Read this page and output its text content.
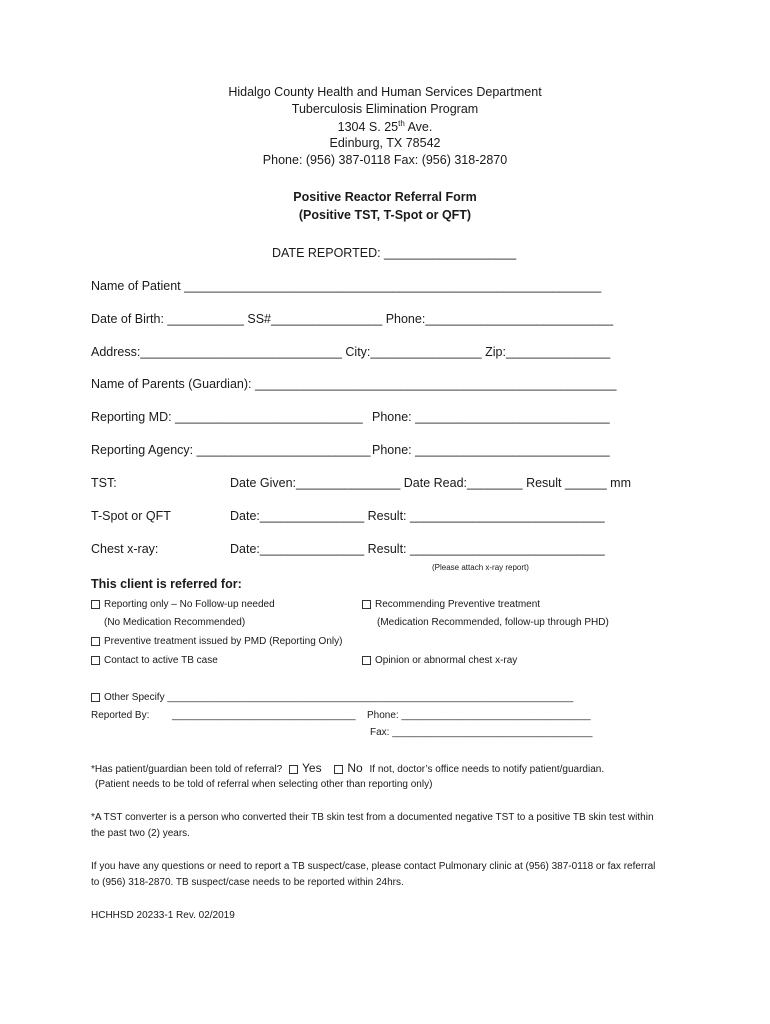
Hidalgo County Health and Human Services Department
Tuberculosis Elimination Program
1304 S. 25th Ave.
Edinburg, TX 78542
Phone: (956) 387-0118 Fax: (956) 318-2870
Positive Reactor Referral Form
(Positive TST, T-Spot or QFT)
DATE REPORTED: ___________________
Name of Patient ____________________________________________________________
Date of Birth: ___________ SS#________________ Phone:___________________________
Address:_____________________________ City:________________ Zip:_______________
Name of Parents (Guardian): ____________________________________________________
Reporting MD: ___________________________ Phone: ____________________________
Reporting Agency: _________________________ Phone: ____________________________
TST:	Date Given:_______________ Date Read:________ Result ______ mm
T-Spot or QFT	Date:_______________ Result: ____________________________
Chest x-ray:	Date:_______________ Result: ____________________________
(Please attach x-ray report)
This client is referred for:
Reporting only – No Follow-up needed
(No Medication Recommended)
Recommending Preventive treatment
(Medication Recommended, follow-up through PHD)
Preventive treatment issued by PMD (Reporting Only)
Contact to active TB case	Opinion or abnormal chest x-ray
Other Specify _________________________________________________________________________
Reported By: _________________________________ Phone: __________________________________
Fax: ____________________________________
*Has patient/guardian been told of referral? Yes No If not, doctor’s office needs to notify patient/guardian.
(Patient needs to be told of referral when selecting other than reporting only)
*A TST converter is a person who converted their TB skin test from a documented negative TST to a positive TB skin test within
the past two (2) years.
If you have any questions or need to report a TB suspect/case, please contact Pulmonary clinic at (956) 387-0118 or fax referral
to (956) 318-2870. TB suspect/case needs to be reported within 24hrs.
HCHHSD 20233-1 Rev. 02/2019
